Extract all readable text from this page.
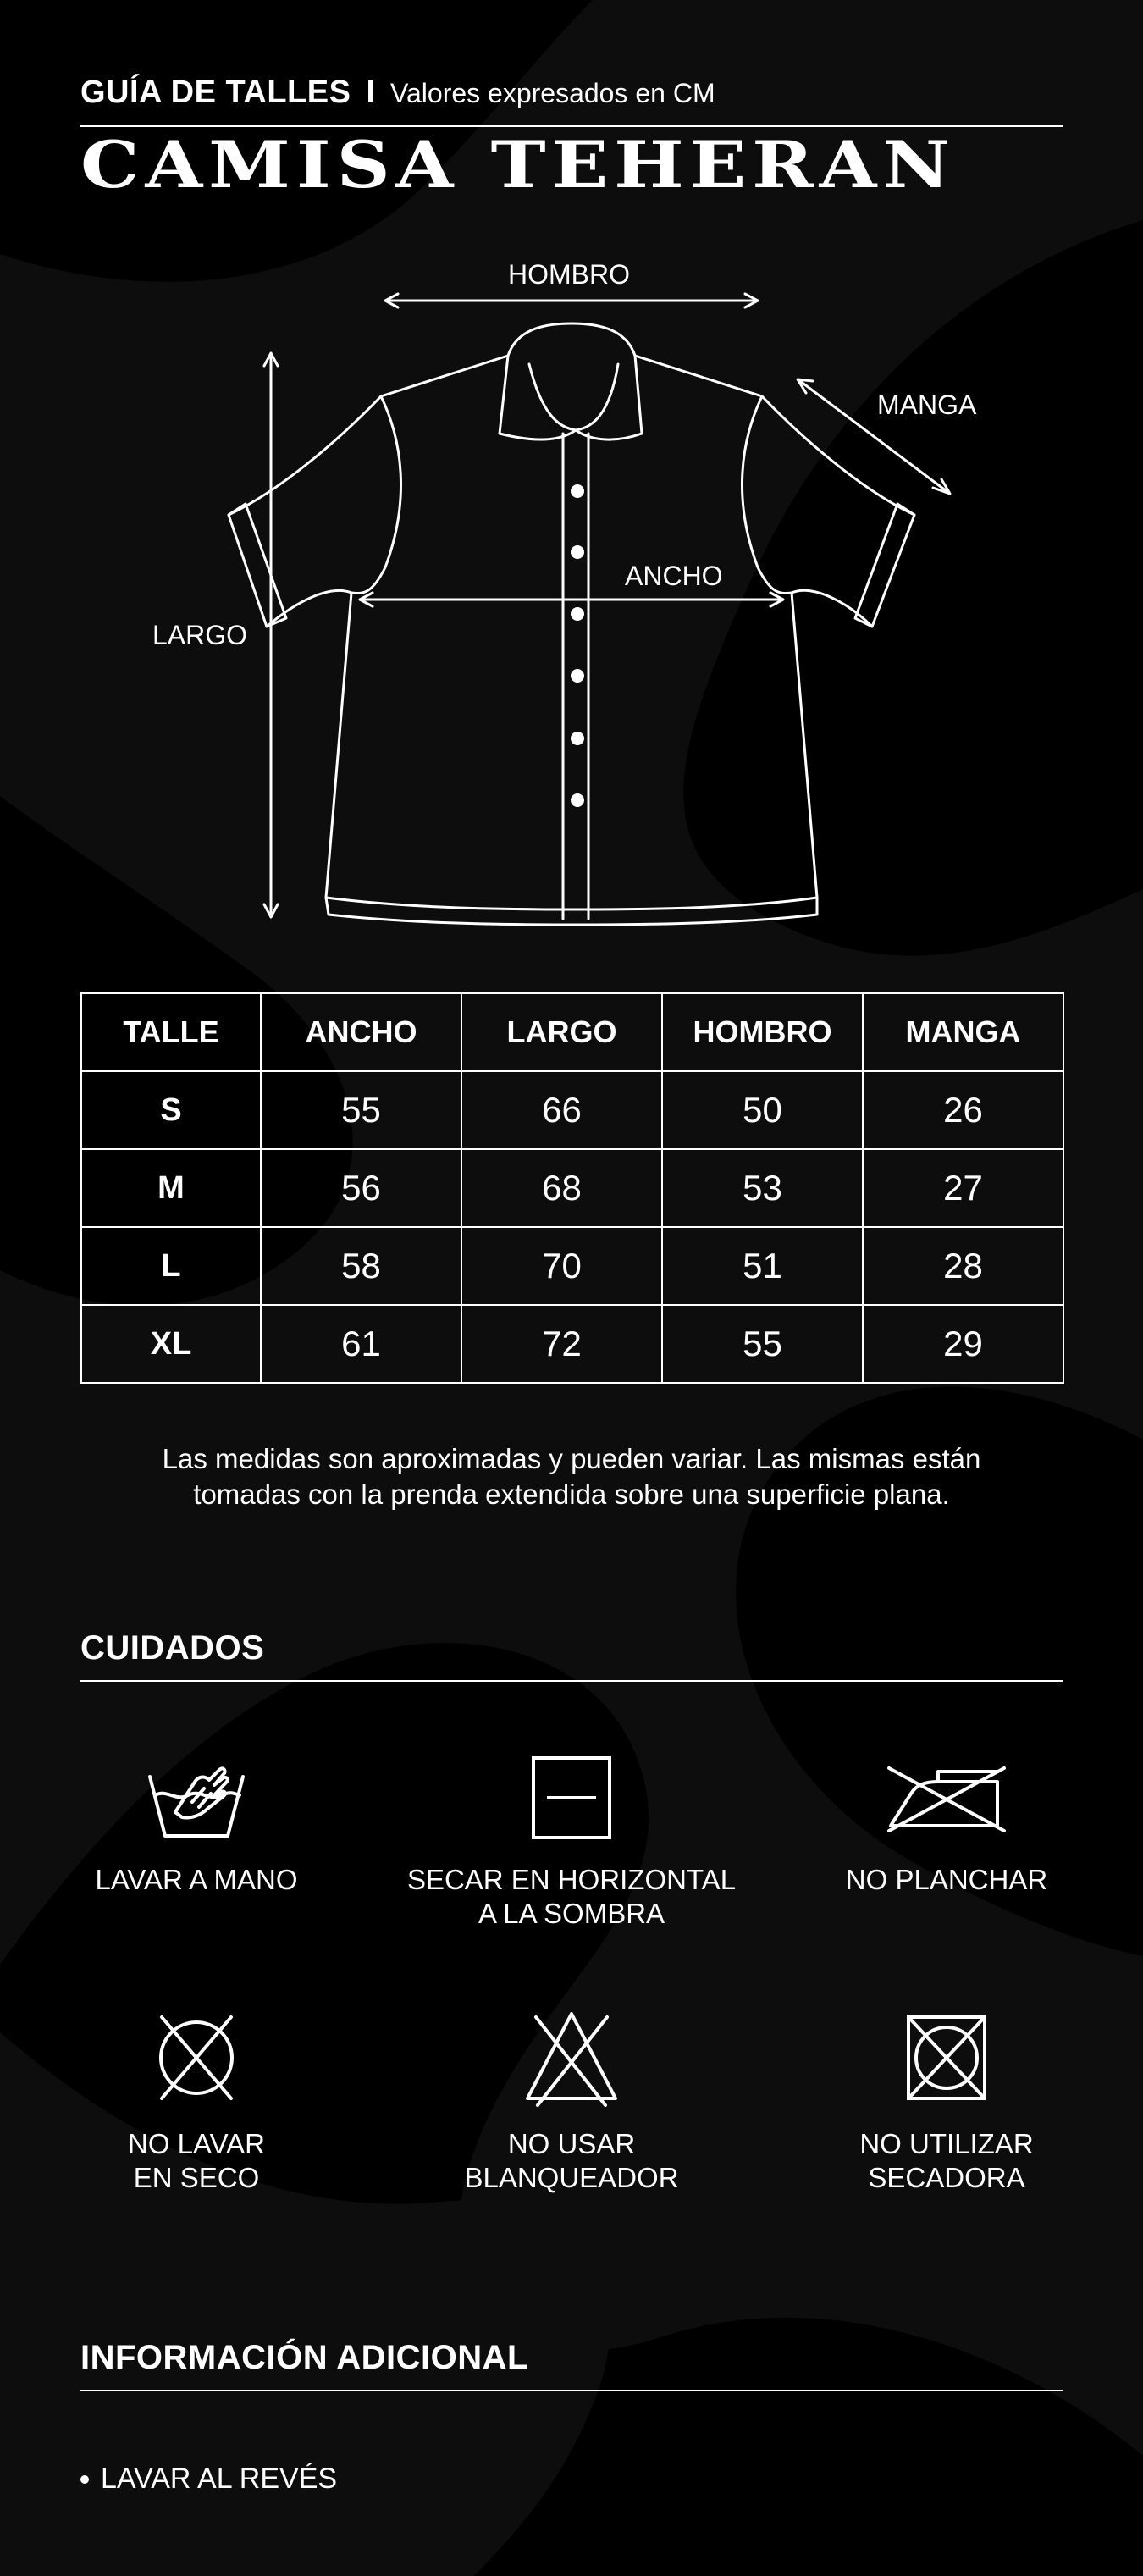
GUÍA DE TALLES I Valores expresados en CM
CAMISA TEHERAN
HOMBRO
MANGA
ANCHO
LARGO
TALLE	ANCHO	LARGO	HOMBRO	MANGA
S	55	66	50	26
M	56	68	53	27
L	58	70	51	28
XL	61	72	55	29
Las medidas son aproximadas y pueden variar. Las mismas están
tomadas con la prenda extendida sobre una superficie plana.
CUIDADOS
LAVAR A MANO	SECAR EN HORIZONTAL
A LA SOMBRA
NO PLANCHAR
NO LAVAR
EN SECO
NO USAR
BLANQUEADOR
NO UTILIZAR
SECADORA
INFORMACIÓN ADICIONAL
LAVAR AL REVÉS
